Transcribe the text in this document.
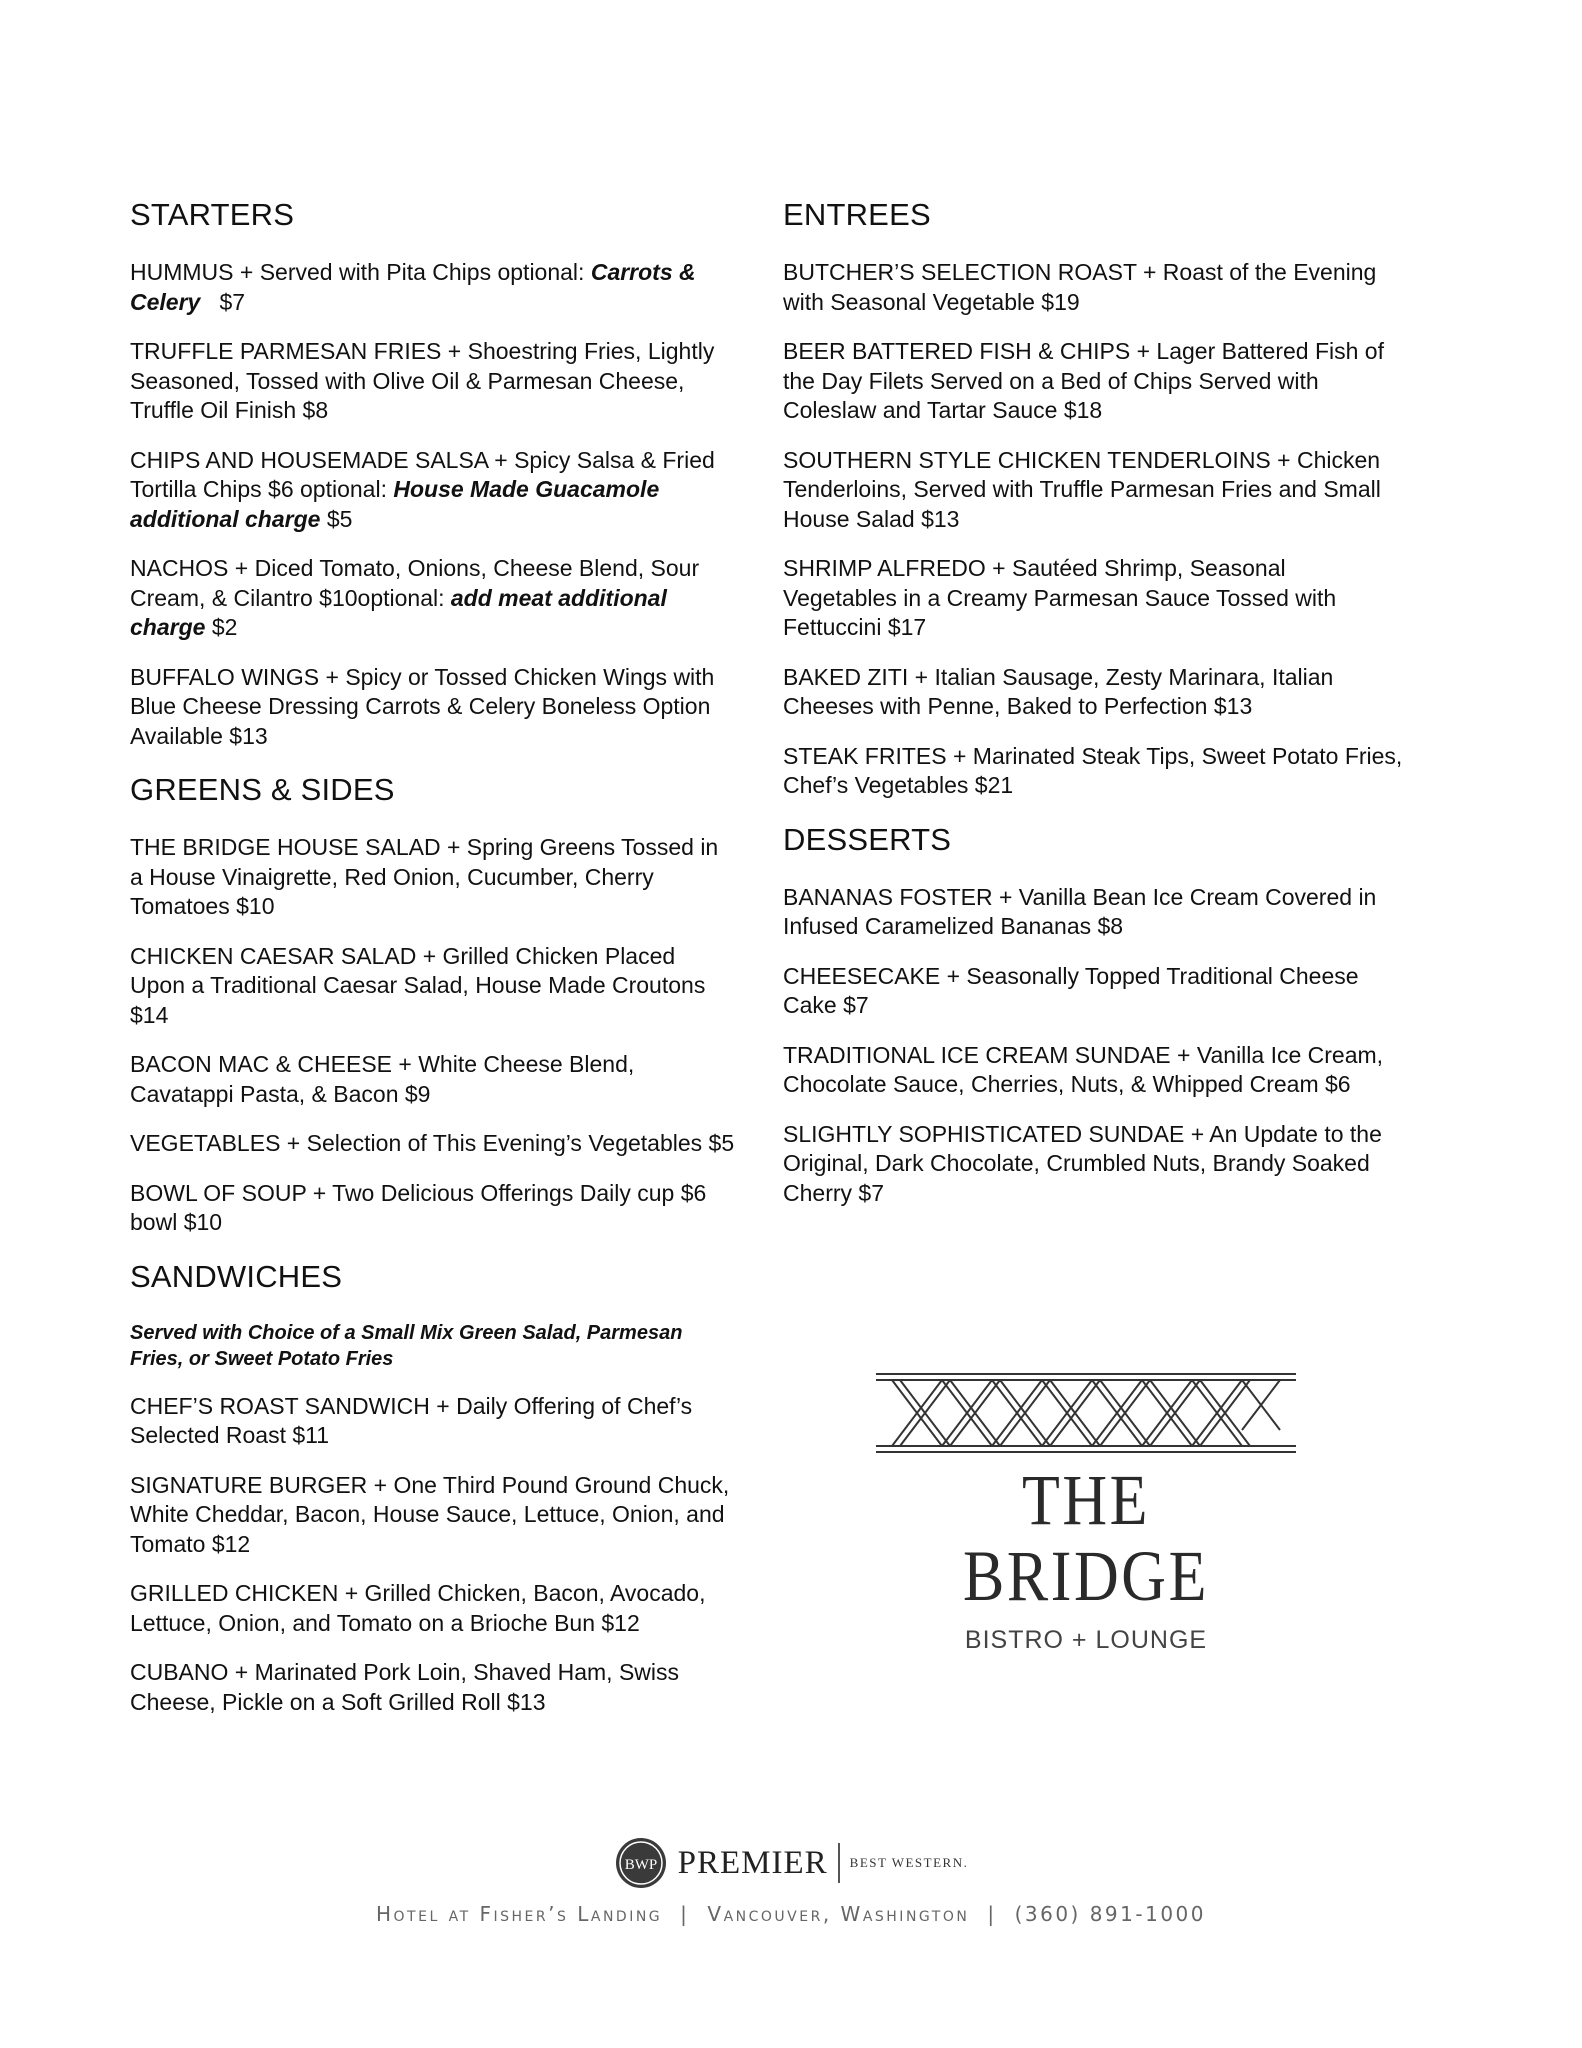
STARTERS

HUMMUS + Served with Pita Chips optional: Carrots & Celery   $7

TRUFFLE PARMESAN FRIES + Shoestring Fries, Lightly Seasoned, Tossed with Olive Oil & Parmesan Cheese, Truffle Oil Finish $8

CHIPS AND HOUSEMADE SALSA + Spicy Salsa & Fried Tortilla Chips $6 optional: House Made Guacamole additional charge $5

NACHOS + Diced Tomato, Onions, Cheese Blend, Sour Cream, & Cilantro $10optional: add meat additional charge $2

BUFFALO WINGS + Spicy or Tossed Chicken Wings with Blue Cheese Dressing Carrots & Celery Boneless Option Available $13

GREENS & SIDES

THE BRIDGE HOUSE SALAD + Spring Greens Tossed in a House Vinaigrette, Red Onion, Cucumber, Cherry Tomatoes $10

CHICKEN CAESAR SALAD + Grilled Chicken Placed Upon a Traditional Caesar Salad, House Made Croutons $14

BACON MAC & CHEESE + White Cheese Blend, Cavatappi Pasta, & Bacon $9

VEGETABLES + Selection of This Evening’s Vegetables $5

BOWL OF SOUP + Two Delicious Offerings Daily cup $6 bowl $10

SANDWICHES

Served with Choice of a Small Mix Green Salad, Parmesan Fries, or Sweet Potato Fries

CHEF’S ROAST SANDWICH + Daily Offering of Chef’s Selected Roast $11

SIGNATURE BURGER + One Third Pound Ground Chuck, White Cheddar, Bacon, House Sauce, Lettuce, Onion, and Tomato $12

GRILLED CHICKEN + Grilled Chicken, Bacon, Avocado, Lettuce, Onion, and Tomato on a Brioche Bun $12

CUBANO + Marinated Pork Loin, Shaved Ham, Swiss Cheese, Pickle on a Soft Grilled Roll $13

ENTREES

BUTCHER’S SELECTION ROAST + Roast of the Evening with Seasonal Vegetable $19

BEER BATTERED FISH & CHIPS + Lager Battered Fish of the Day Filets Served on a Bed of Chips Served with Coleslaw and Tartar Sauce $18

SOUTHERN STYLE CHICKEN TENDERLOINS + Chicken Tenderloins, Served with Truffle Parmesan Fries and Small House Salad $13

SHRIMP ALFREDO + Sautéed Shrimp, Seasonal Vegetables in a Creamy Parmesan Sauce Tossed with Fettuccini $17

BAKED ZITI + Italian Sausage, Zesty Marinara, Italian Cheeses with Penne, Baked to Perfection $13

STEAK FRITES + Marinated Steak Tips, Sweet Potato Fries, Chef’s Vegetables $21

DESSERTS

BANANAS FOSTER + Vanilla Bean Ice Cream Covered in Infused Caramelized Bananas $8

CHEESECAKE + Seasonally Topped Traditional Cheese Cake $7

TRADITIONAL ICE CREAM SUNDAE + Vanilla Ice Cream, Chocolate Sauce, Cherries, Nuts, & Whipped Cream $6

SLIGHTLY SOPHISTICATED SUNDAE + An Update to the Original, Dark Chocolate, Crumbled Nuts, Brandy Soaked Cherry $7

THE BRIDGE
BISTRO + LOUNGE
BWP PREMIER BEST WESTERN.
Hotel at Fisher’s Landing | Vancouver, Washington | (360) 891-1000
